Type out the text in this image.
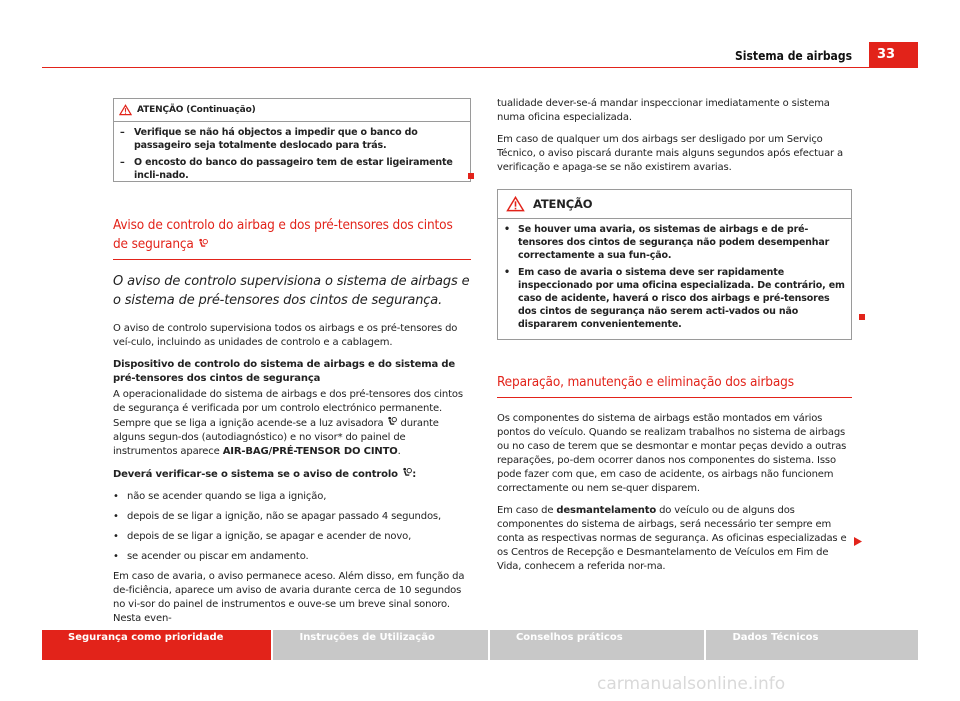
Sistema de airbags	33
ATENÇÃO (Continuação)
– Verifique se não há objectos a impedir que o banco do passageiro seja totalmente deslocado para trás.
– O encosto do banco do passageiro tem de estar ligeiramente incli-nado.
Aviso de controlo do airbag e dos pré-tensores dos cintos de segurança
O aviso de controlo supervisiona o sistema de airbags e o sistema de pré-tensores dos cintos de segurança.

O aviso de controlo supervisiona todos os airbags e os pré-tensores do veí-culo, incluindo as unidades de controlo e a cablagem.

Dispositivo de controlo do sistema de airbags e do sistema de pré-tensores dos cintos de segurança

A operacionalidade do sistema de airbags e dos pré-tensores dos cintos de segurança é verificada por um controlo electrónico permanente. Sempre que se liga a ignição acende-se a luz avisadora durante alguns segun-dos (autodiagnóstico) e no visor* do painel de instrumentos aparece AIR-BAG/PRÉ-TENSOR DO CINTO.

Deverá verificar-se o sistema se o aviso de controlo :

• não se acender quando se liga a ignição,
• depois de se ligar a ignição, não se apagar passado 4 segundos,
• depois de se ligar a ignição, se apagar e acender de novo,
• se acender ou piscar em andamento.

Em caso de avaria, o aviso permanece aceso. Além disso, em função da de-ficiência, aparece um aviso de avaria durante cerca de 10 segundos no vi-sor do painel de instrumentos e ouve-se um breve sinal sonoro. Nesta even-

tualidade dever-se-á mandar inspeccionar imediatamente o sistema numa oficina especializada.

Em caso de qualquer um dos airbags ser desligado por um Serviço Técnico, o aviso piscará durante mais alguns segundos após efectuar a verificação e apaga-se se não existirem avarias.

ATENÇÃO
• Se houver uma avaria, os sistemas de airbags e de pré-tensores dos cintos de segurança não podem desempenhar correctamente a sua fun-ção.
• Em caso de avaria o sistema deve ser rapidamente inspeccionado por uma oficina especializada. De contrário, em caso de acidente, haverá o risco dos airbags e pré-tensores dos cintos de segurança não serem acti-vados ou não dispararem convenientemente.
Reparação, manutenção e eliminação dos airbags

Os componentes do sistema de airbags estão montados em vários pontos do veículo. Quando se realizam trabalhos no sistema de airbags ou no caso de terem que se desmontar e montar peças devido a outras reparações, po-dem ocorrer danos nos componentes do sistema. Isso pode fazer com que, em caso de acidente, os airbags não funcionem correctamente ou nem se-quer disparem.

Em caso de desmantelamento do veículo ou de alguns dos componentes do sistema de airbags, será necessário ter sempre em conta as respectivas normas de segurança. As oficinas especializadas e os Centros de Recepção e Desmantelamento de Veículos em Fim de Vida, conhecem a referida nor-ma.

Segurança como prioridade	Instruções de Utilização	Conselhos práticos	Dados Técnicos
carmanualsonline.info
